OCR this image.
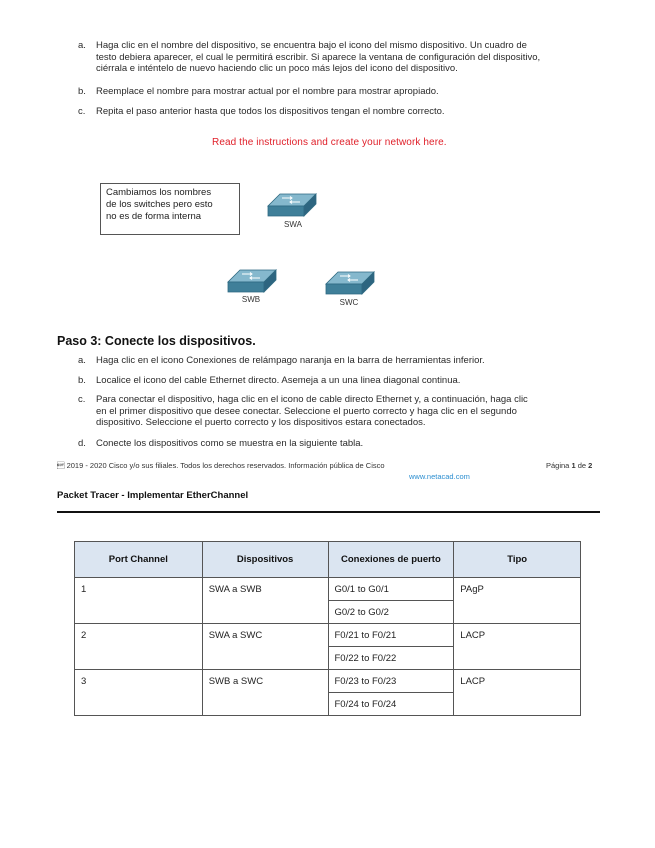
a. Haga clic en el nombre del dispositivo, se encuentra bajo el icono del mismo dispositivo. Un cuadro de
testo debiera aparecer, el cual le permitirá escribir. Si aparece la ventana de configuración del dispositivo,
ciérrala e inténtelo de nuevo haciendo clic un poco más lejos del icono del dispositivo.
b. Reemplace el nombre para mostrar actual por el nombre para mostrar apropiado.
c. Repita el paso anterior hasta que todos los dispositivos tengan el nombre correcto.
Read the instructions and create your network here.
Cambiamos los nombres
de los switches pero esto
no es de forma interna
SWA
SWB	SWC
Paso 3: Conecte los dispositivos.
a. Haga clic en el icono Conexiones de relámpago naranja en la barra de herramientas inferior.
b. Localice el icono del cable Ethernet directo. Asemeja a un una linea diagonal continua.
c. Para conectar el dispositivo, haga clic en el icono de cable directo Ethernet y, a continuación, haga clic
en el primer dispositivo que desee conectar. Seleccione el puerto correcto y haga clic en el segundo
dispositivo. Seleccione el puerto correcto y los dispositivos estara conectados.
d. Conecte los dispositivos como se muestra en la siguiente tabla.
 2019 - 2020 Cisco y/o sus filiales. Todos los derechos reservados. Información pública de Cisco	Página 1 de 2
www.netacad.com
Packet Tracer - Implementar EtherChannel
Port Channel	Dispositivos	Conexiones de puerto	Tipo
1	SWA a SWB	G0/1 to G0/1	PAgP
		G0/2 to G0/2	
2	SWA a SWC	F0/21 to F0/21	LACP
		F0/22 to F0/22	
3	SWB a SWC	F0/23 to F0/23	LACP
		F0/24 to F0/24	
